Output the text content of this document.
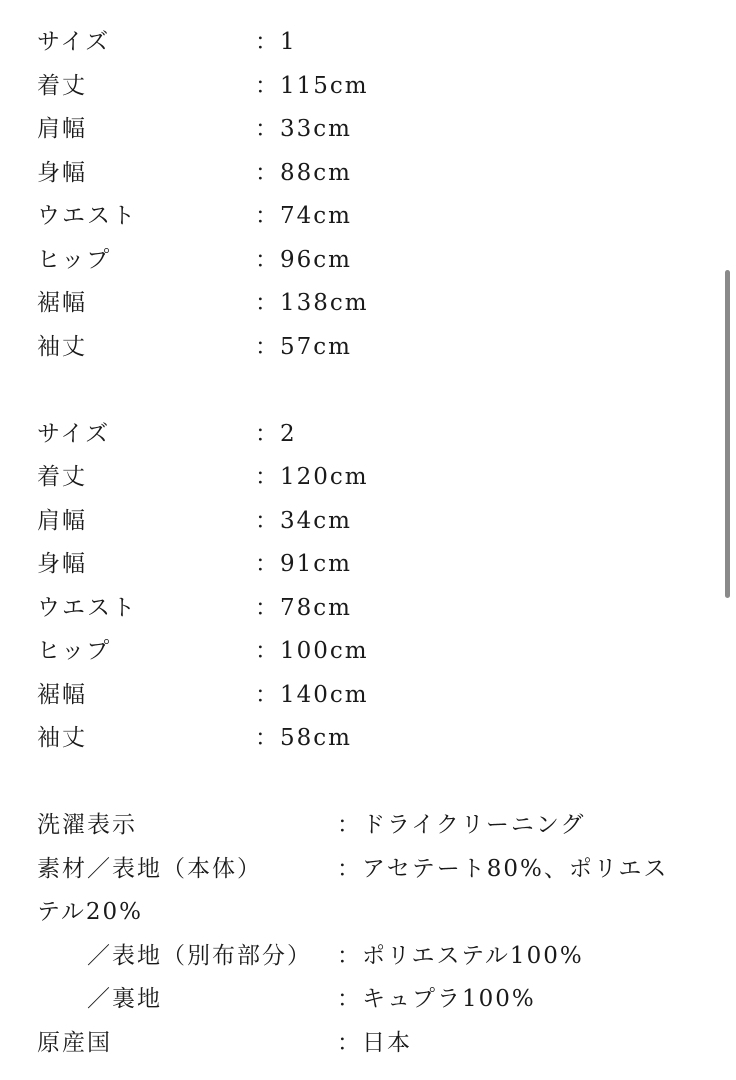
サイズ	：1
着丈	：115cm
肩幅	：33cm
身幅	：88cm
ウエスト	：74cm
ヒップ	：96cm
裾幅	：138cm
袖丈	：57cm
サイズ	：2
着丈	：120cm
肩幅	：34cm
身幅	：91cm
ウエスト	：78cm
ヒップ	：100cm
裾幅	：140cm
袖丈	：58cm
洗濯表示	：ドライクリーニング
素材／表地（本体）	：アセテート80%、ポリエス
テル20%
／表地（別布部分）	：ポリエステル100%
／裏地	：キュプラ100%
原産国	：日本
